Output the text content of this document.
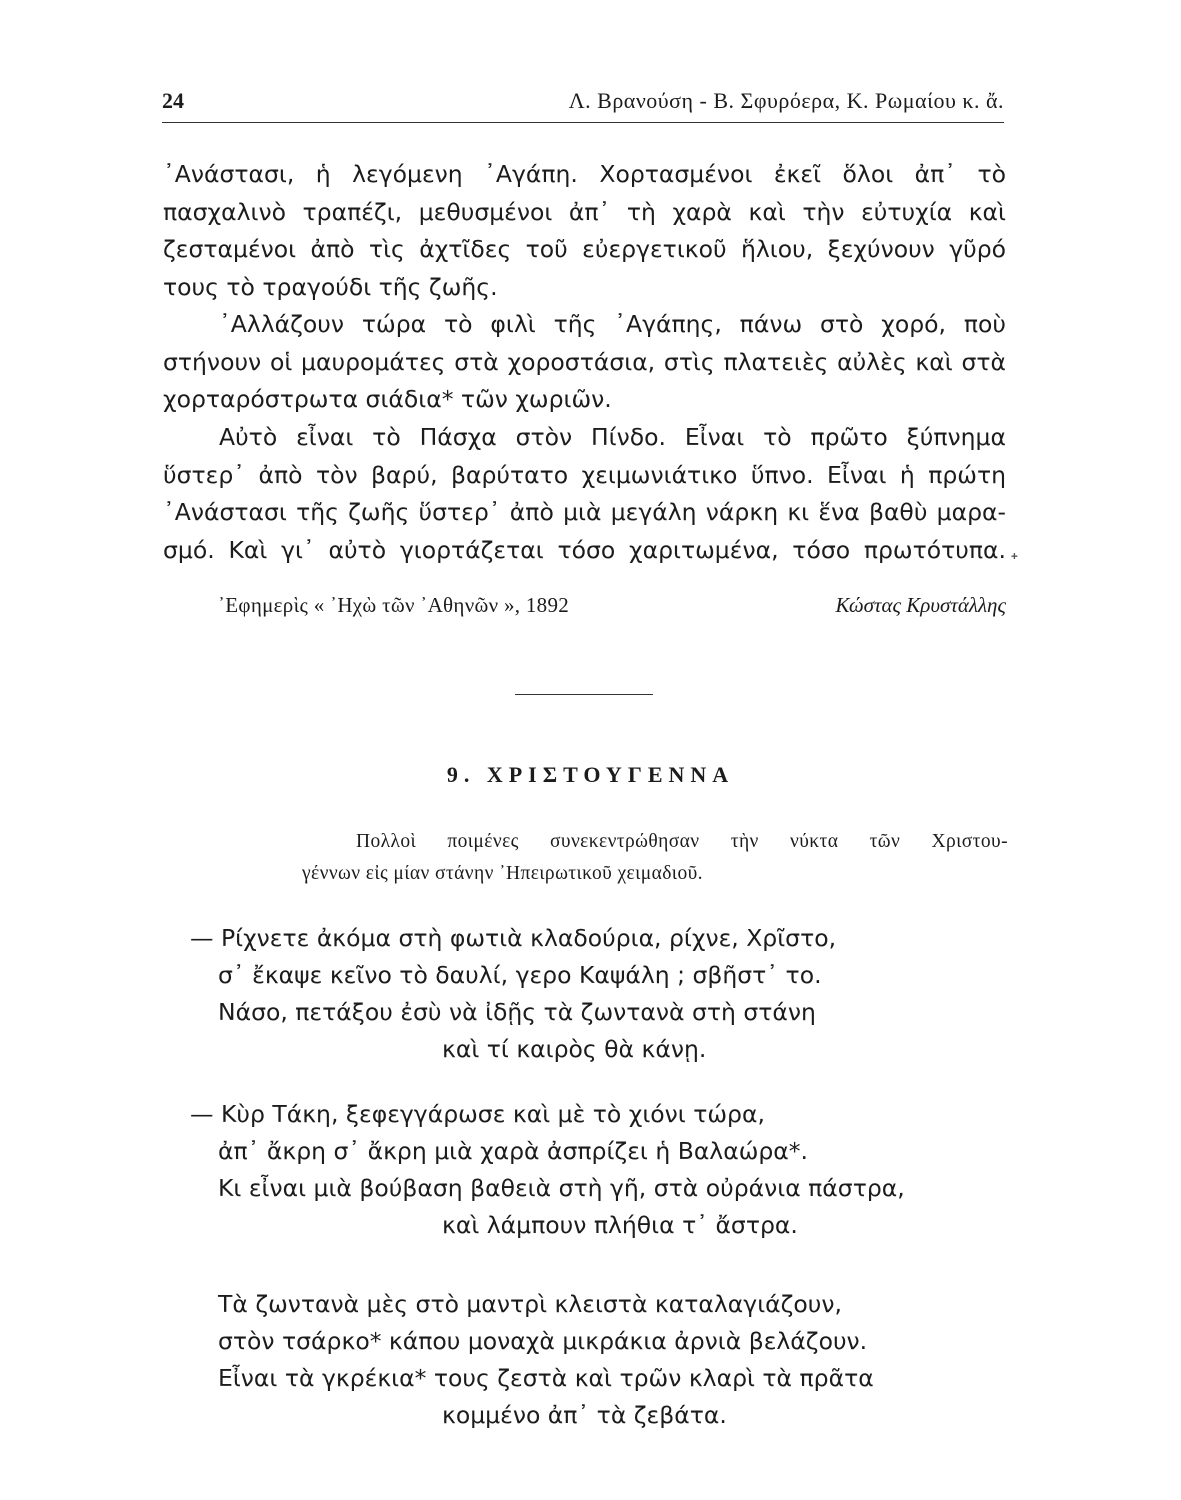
24	Λ. Βρανούση - Β. Σφυρόερα, Κ. Ρωμαίου κ. ἄ.
᾿Ανάστασι, ἡ λεγόμενη ᾿Αγάπη. Χορτασμένοι ἐκεῖ ὅλοι ἀπ᾿ τὸ
πασχαλινὸ τραπέζι, μεθυσμένοι ἀπ᾿ τὴ χαρὰ καὶ τὴν εὐτυχία καὶ
ζεσταμένοι ἀπὸ τὶς ἀχτῖδες τοῦ εὐεργετικοῦ ἥλιου, ξεχύνουν γῦρό
τους τὸ τραγούδι τῆς ζωῆς.
᾿Αλλάζουν τώρα τὸ φιλὶ τῆς ᾿Αγάπης, πάνω στὸ χορό, ποὺ
στήνουν οἱ μαυρομάτες στὰ χοροστάσια, στὶς πλατειὲς αὐλὲς καὶ στὰ
χορταρόστρωτα σιάδια* τῶν χωριῶν.
Αὐτὸ εἶναι τὸ Πάσχα στὸν Πίνδο. Εἶναι τὸ πρῶτο ξύπνημα
ὕστερ᾿ ἀπὸ τὸν βαρύ, βαρύτατο χειμωνιάτικο ὕπνο. Εἶναι ἡ πρώτη
᾿Ανάστασι τῆς ζωῆς ὕστερ᾿ ἀπὸ μιὰ μεγάλη νάρκη κι ἕνα βαθὺ μαρα-
σμό. Καὶ γι᾿ αὐτὸ γιορτάζεται τόσο χαριτωμένα, τόσο πρωτότυπα. ᐩ
᾿Εφημερὶς « ᾿Ηχὼ τῶν ᾿Αθηνῶν », 1892	Κώστας Κρυστάλλης
9. ΧΡΙΣΤΟΥΓΕΝΝΑ
Πολλοὶ ποιμένες συνεκεντρώθησαν τὴν νύκτα τῶν Χριστου-
γέννων εἰς μίαν στάνην ᾿Ηπειρωτικοῦ χειμαδιοῦ.
— Ρίχνετε ἀκόμα στὴ φωτιὰ κλαδούρια, ρίχνε, Χρῖστο,
σ᾿ ἔκαψε κεῖνο τὸ δαυλί, γερο Καψάλη ; σβῆστ᾿ το.
Νάσο, πετάξου ἐσὺ νὰ ἰδῇς τὰ ζωντανὰ στὴ στάνη
καὶ τί καιρὸς θὰ κάνῃ.
— Κὺρ Τάκη, ξεφεγγάρωσε καὶ μὲ τὸ χιόνι τώρα,
ἀπ᾿ ἄκρη σ᾿ ἄκρη μιὰ χαρὰ ἀσπρίζει ἡ Βαλαώρα*.
Κι εἶναι μιὰ βούβαση βαθειὰ στὴ γῆ, στὰ οὐράνια πάστρα,
καὶ λάμπουν πλήθια τ᾿ ἄστρα.
Τὰ ζωντανὰ μὲς στὸ μαντρὶ κλειστὰ καταλαγιάζουν,
στὸν τσάρκο* κάπου μοναχὰ μικράκια ἀρνιὰ βελάζουν.
Εἶναι τὰ γκρέκια* τους ζεστὰ καὶ τρῶν κλαρὶ τὰ πρᾶτα
κομμένο ἀπ᾿ τὰ ζεβάτα.
